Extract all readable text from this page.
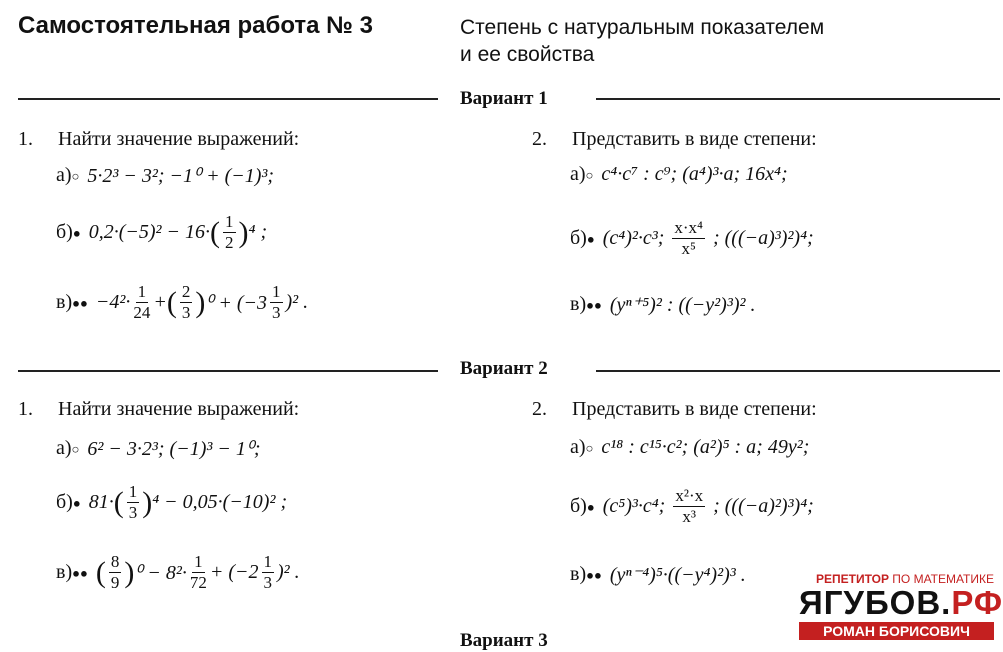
Самостоятельная работа № 3	Степень с натуральным показателем
и ее свойства
Вариант 1
1. Найти значение выражений:
а)○ 5·2³ − 3²; −1⁰ + (−1)³;
б)● 0,2·(−5)² − 16· ( $\frac{1}{2}$ ) ⁴ ;
в)●● $-4^2\cdot \frac{1}{24}$ + ( $\frac{2}{3}$ ) $^0 + (-3 \frac{1}{3} )^2$ .
2. Представить в виде степени:
а)○ c⁴·c⁷ : c⁹; (a⁴)³·a; 16x⁴;
б)● (c⁴)²·c³; $\frac{\text{x·x⁴}}{\text{x⁵}}$ ; (((−a)³)²)⁴;
в)●● (yⁿ⁺⁵)² : ((−y²)³)² .
Вариант 2
1. Найти значение выражений:
а)○ 6² − 3·2³; (−1)³ − 1⁰;
б)● 81· ( $\frac{1}{3}$ ) ⁴ − 0,05·(−10)² ;
в)●● ( $\frac{8}{9}$ ) $^0 - 8^2\cdot \frac{1}{72} + (-2 \frac{1}{3} )^2$ .
2. Представить в виде степени:
а)○ c¹⁸ : c¹⁵·c²; (a²)⁵ : a; 49y²;
б)● (c⁵)³·c⁴; $\frac{\text{x²·x}}{\text{x³}}$ ; (((−a)²)³)⁴;
в)●● (yⁿ⁻⁴)⁵·((−y⁴)²)³ .
Вариант 3
РЕПЕТИТОР ПО МАТЕМАТИКЕ
ЯГУБОВ.РФ
РОМАН БОРИСОВИЧ
